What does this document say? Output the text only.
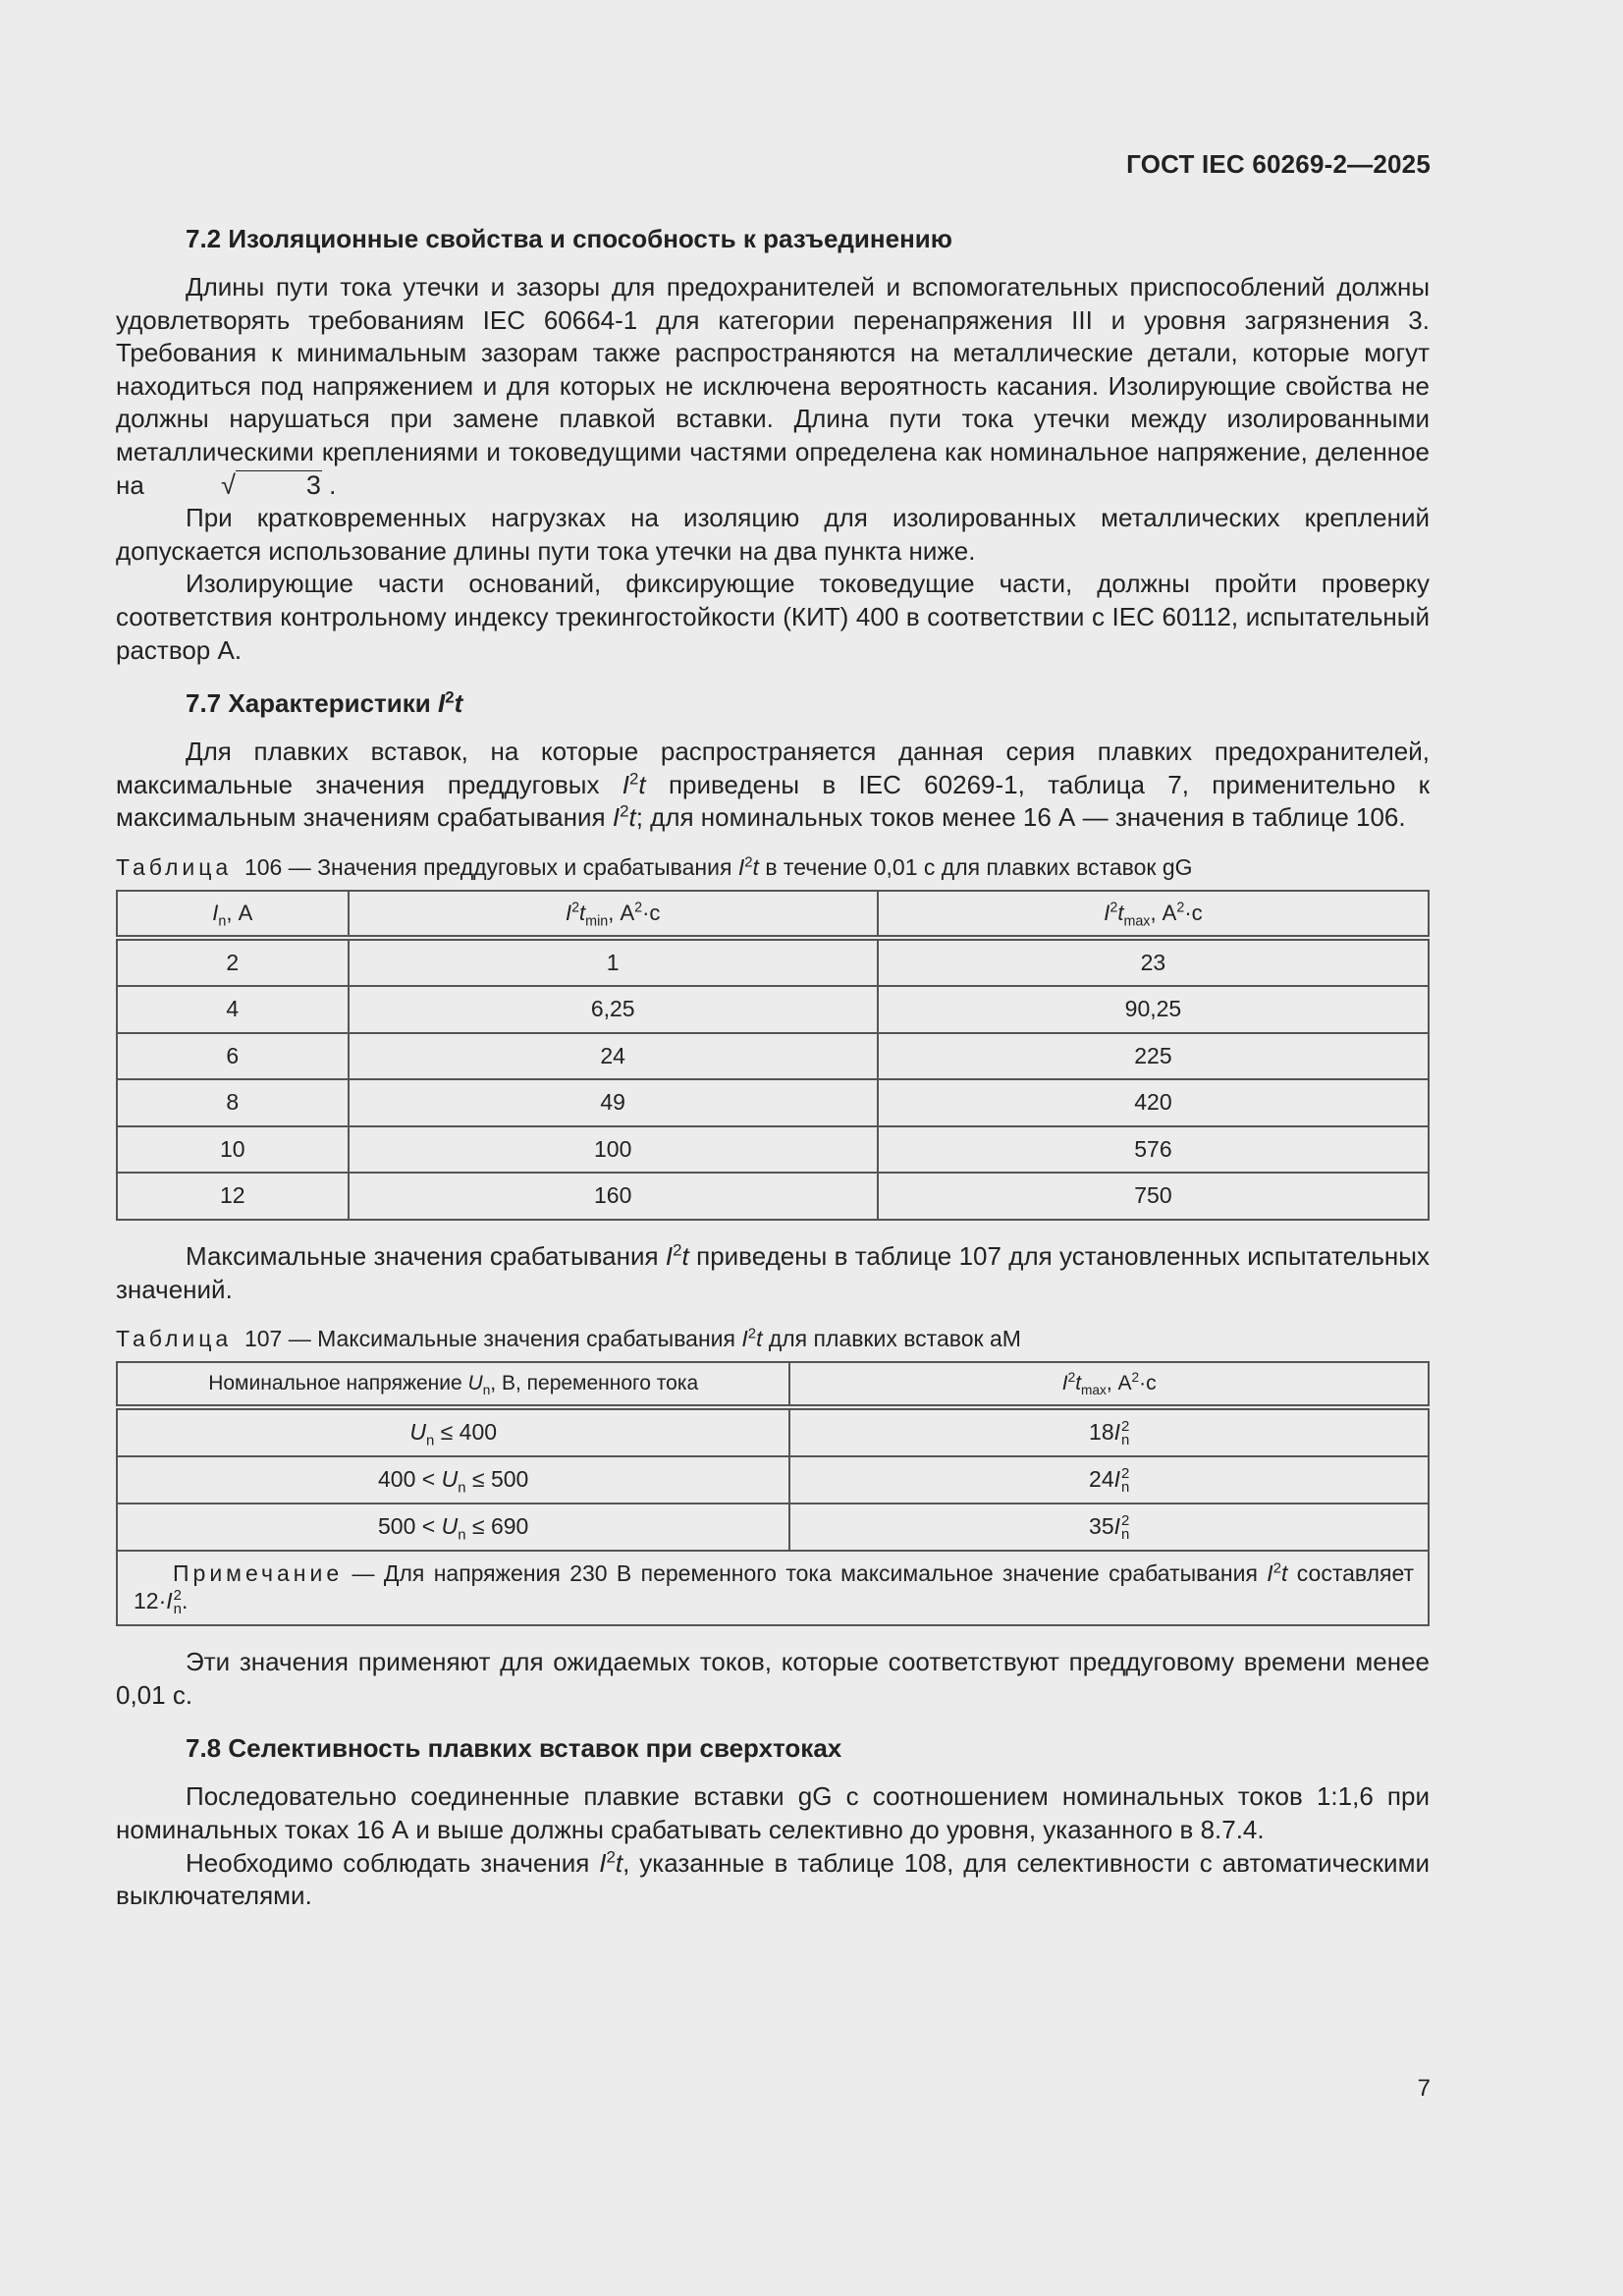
ГОСТ IEC 60269-2—2025
7.2 Изоляционные свойства и способность к разъединению

Длины пути тока утечки и зазоры для предохранителей и вспомогательных приспособлений должны удовлетворять требованиям IEC 60664-1 для категории перенапряжения III и уровня загрязнения 3. Требования к минимальным зазорам также распространяются на металлические детали, которые могут находиться под напряжением и для которых не исключена вероятность касания. Изолирующие свойства не должны нарушаться при замене плавкой вставки. Длина пути тока утечки между изолированными металлическими креплениями и токоведущими частями определена как номинальное напряжение, деленное на	√	3 .

При кратковременных нагрузках на изоляцию для изолированных металлических креплений допускается использование длины пути тока утечки на два пункта ниже.

Изолирующие части оснований, фиксирующие токоведущие части, должны пройти проверку соответствия контрольному индексу трекингостойкости (КИТ) 400 в соответствии с IEC 60112, испытательный раствор А.

7.7 Характеристики $I^2t$

Для плавких вставок, на которые распространяется данная серия плавких предохранителей, максимальные значения преддуговых $I^2t$ приведены в IEC 60269-1, таблица 7, применительно к максимальным значениям срабатывания $I^2t$; для номинальных токов менее 16 А — значения в таблице 106.

Таблица 106 — Значения преддуговых и срабатывания $I^2t$ в течение 0,01 с для плавких вставок gG
$I_n$, А	$I^2t_{min}$, $А^2\cdot с$	$I^2t_{max}$, $А^2\cdot с$
2	1	23
4	6,25	90,25
6	24	225
8	49	420
10	100	576
12	160	750

Максимальные значения срабатывания $I^2t$ приведены в таблице 107 для установленных испытательных значений.

Таблица 107 — Максимальные значения срабатывания $I^2t$ для плавких вставок аМ
Номинальное напряжение $U_n$, В, переменного тока	$I^2t_{max}$, $А^2\cdot с$
$U_n \le 400$	18I 2
n

$400 < U_n \le 500$	24I 2
n

$500 < U_n \le 690$	35I 2
n

Примечание — Для напряжения 230 В переменного тока максимальное значение срабатывания $I^2t$ составляет 12·I 2
n .	

Эти значения применяют для ожидаемых токов, которые соответствуют преддуговому времени менее 0,01 с.

7.8 Селективность плавких вставок при сверхтоках

Последовательно соединенные плавкие вставки gG с соотношением номинальных токов 1:1,6 при номинальных токах 16 А и выше должны срабатывать селективно до уровня, указанного в 8.7.4.

Необходимо соблюдать значения $I^2t$, указанные в таблице 108, для селективности с автоматическими выключателями.

7
